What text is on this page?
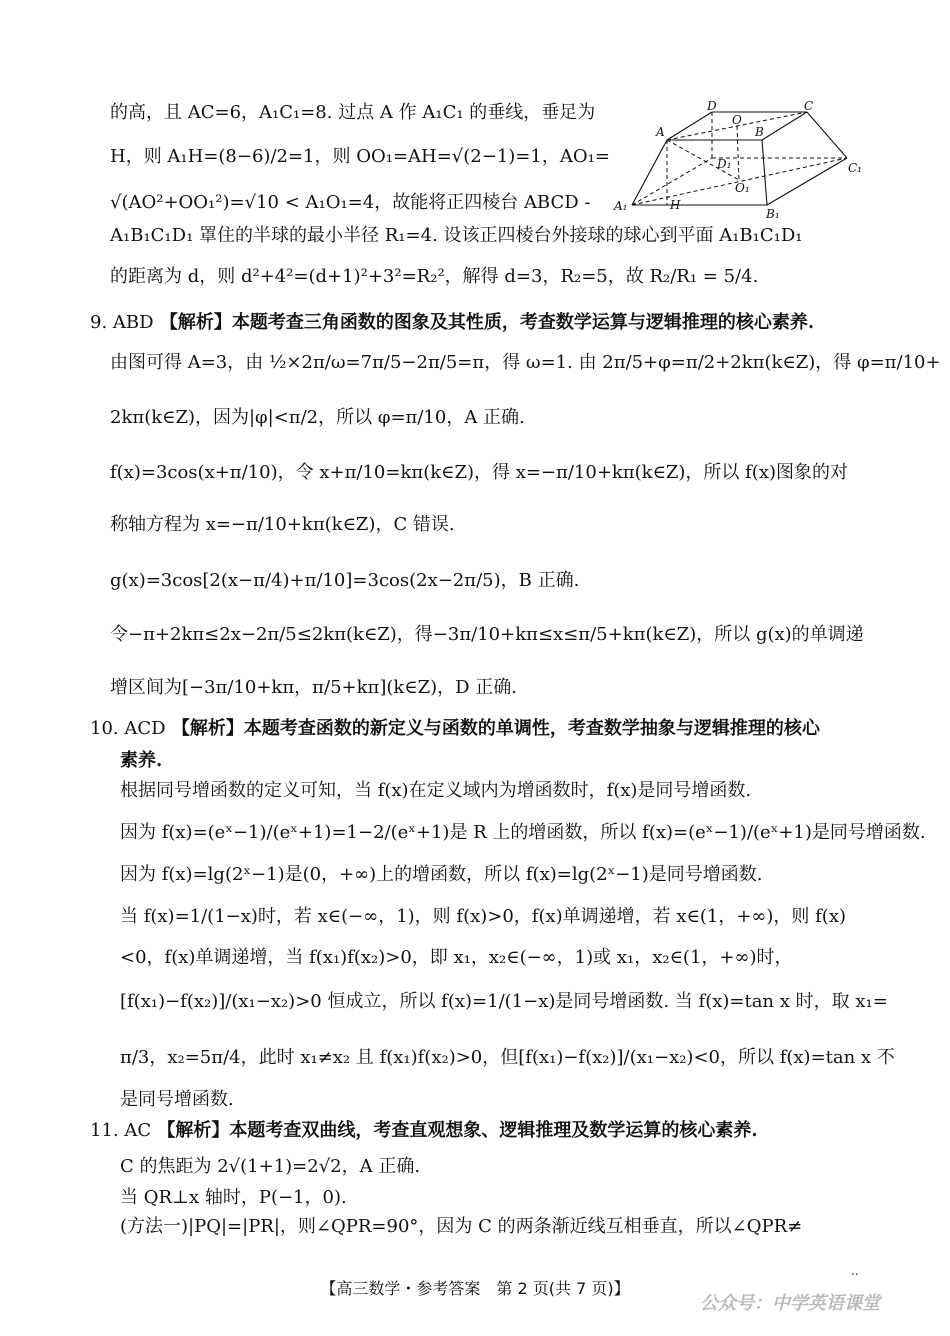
D	C
O
A	B
D₁
O₁
C₁
A₁	H
B₁
的高，且 AC=6，A₁C₁=8. 过点 A 作 A₁C₁ 的垂线，垂足为
H，则 A₁H=(8−6)/2=1，则 OO₁=AH=√(2−1)=1，AO₁=
√(AO²+OO₁²)=√10 < A₁O₁=4，故能将正四棱台 ABCD -
A₁B₁C₁D₁ 罩住的半球的最小半径 R₁=4. 设该正四棱台外接球的球心到平面 A₁B₁C₁D₁
的距离为 d，则 d²+4²=(d+1)²+3²=R₂²，解得 d=3，R₂=5，故 R₂/R₁ = 5/4.
9. ABD 【解析】本题考查三角函数的图象及其性质，考查数学运算与逻辑推理的核心素养.
由图可得 A=3，由 ½×2π/ω=7π/5−2π/5=π，得 ω=1. 由 2π/5+φ=π/2+2kπ(k∈Z)，得 φ=π/10+
2kπ(k∈Z)，因为|φ|<π/2，所以 φ=π/10，A 正确.
f(x)=3cos(x+π/10)，令 x+π/10=kπ(k∈Z)，得 x=−π/10+kπ(k∈Z)，所以 f(x)图象的对
称轴方程为 x=−π/10+kπ(k∈Z)，C 错误.
g(x)=3cos[2(x−π/4)+π/10]=3cos(2x−2π/5)，B 正确.
令−π+2kπ≤2x−2π/5≤2kπ(k∈Z)，得−3π/10+kπ≤x≤π/5+kπ(k∈Z)，所以 g(x)的单调递
增区间为[−3π/10+kπ，π/5+kπ](k∈Z)，D 正确.
10. ACD 【解析】本题考查函数的新定义与函数的单调性，考查数学抽象与逻辑推理的核心
素养.
根据同号增函数的定义可知，当 f(x)在定义域内为增函数时，f(x)是同号增函数.
因为 f(x)=(eˣ−1)/(eˣ+1)=1−2/(eˣ+1)是 R 上的增函数，所以 f(x)=(eˣ−1)/(eˣ+1)是同号增函数.
因为 f(x)=lg(2ˣ−1)是(0，+∞)上的增函数，所以 f(x)=lg(2ˣ−1)是同号增函数.
当 f(x)=1/(1−x)时，若 x∈(−∞，1)，则 f(x)>0，f(x)单调递增，若 x∈(1，+∞)，则 f(x)
<0，f(x)单调递增，当 f(x₁)f(x₂)>0，即 x₁，x₂∈(−∞，1)或 x₁，x₂∈(1，+∞)时，
[f(x₁)−f(x₂)]/(x₁−x₂)>0 恒成立，所以 f(x)=1/(1−x)是同号增函数. 当 f(x)=tan x 时，取 x₁=
π/3，x₂=5π/4，此时 x₁≠x₂ 且 f(x₁)f(x₂)>0，但[f(x₁)−f(x₂)]/(x₁−x₂)<0，所以 f(x)=tan x 不
是同号增函数.
11. AC 【解析】本题考查双曲线，考查直观想象、逻辑推理及数学运算的核心素养.
C 的焦距为 2√(1+1)=2√2，A 正确.
当 QR⊥x 轴时，P(−1，0).
(方法一)|PQ|=|PR|，则∠QPR=90°，因为 C 的两条渐近线互相垂直，所以∠QPR≠
【高三数学・参考答案　第 2 页(共 7 页)】
..
公众号：中学英语课堂
